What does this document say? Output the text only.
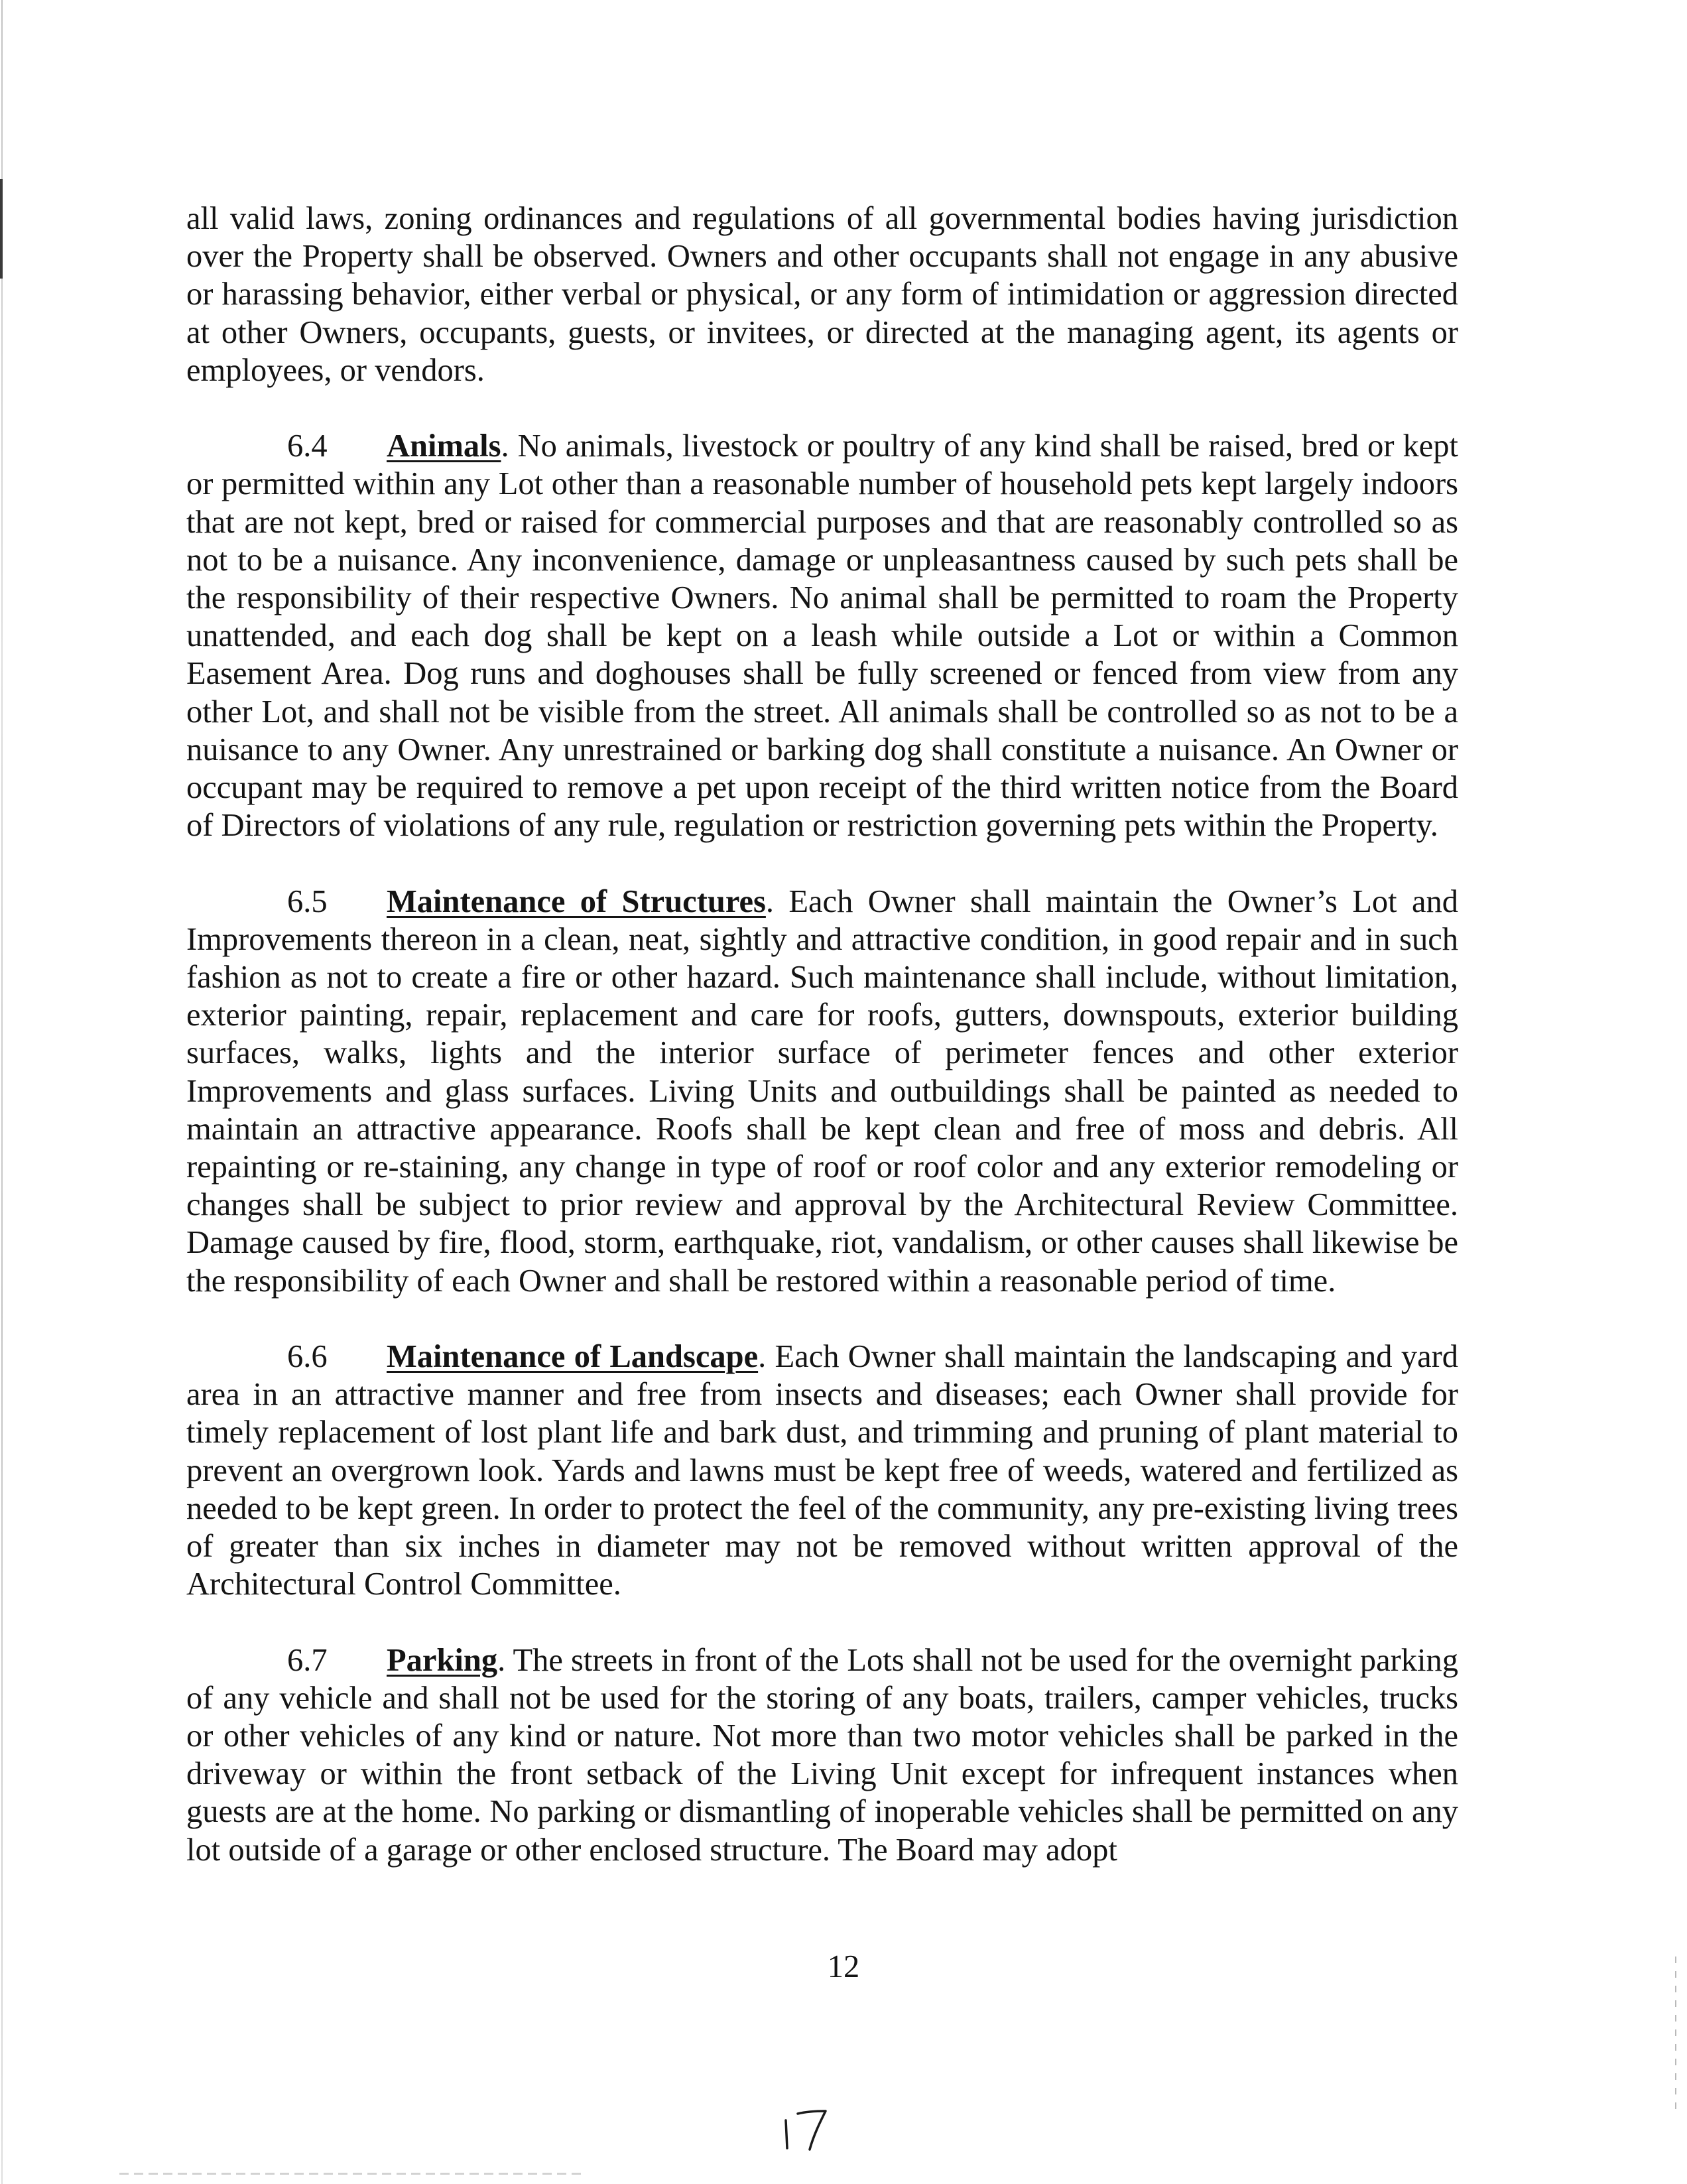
all valid laws, zoning ordinances and regulations of all governmental bodies having jurisdiction over the Property shall be observed. Owners and other occupants shall not engage in any abusive or harassing behavior, either verbal or physical, or any form of intimidation or aggression directed at other Owners, occupants, guests, or invitees, or directed at the managing agent, its agents or employees, or vendors.

6.4 Animals. No animals, livestock or poultry of any kind shall be raised, bred or kept or permitted within any Lot other than a reasonable number of household pets kept largely indoors that are not kept, bred or raised for commercial purposes and that are reasonably controlled so as not to be a nuisance. Any inconvenience, damage or unpleasantness caused by such pets shall be the responsibility of their respective Owners. No animal shall be permitted to roam the Property unattended, and each dog shall be kept on a leash while outside a Lot or within a Common Easement Area. Dog runs and doghouses shall be fully screened or fenced from view from any other Lot, and shall not be visible from the street. All animals shall be controlled so as not to be a nuisance to any Owner. Any unrestrained or barking dog shall constitute a nuisance. An Owner or occupant may be required to remove a pet upon receipt of the third written notice from the Board of Directors of violations of any rule, regulation or restriction governing pets within the Property.

6.5 Maintenance of Structures. Each Owner shall maintain the Owner’s Lot and Improvements thereon in a clean, neat, sightly and attractive condition, in good repair and in such fashion as not to create a fire or other hazard. Such maintenance shall include, without limitation, exterior painting, repair, replacement and care for roofs, gutters, downspouts, exterior building surfaces, walks, lights and the interior surface of perimeter fences and other exterior Improvements and glass surfaces. Living Units and outbuildings shall be painted as needed to maintain an attractive appearance. Roofs shall be kept clean and free of moss and debris. All repainting or re-staining, any change in type of roof or roof color and any exterior remodeling or changes shall be subject to prior review and approval by the Architectural Review Committee. Damage caused by fire, flood, storm, earthquake, riot, vandalism, or other causes shall likewise be the responsibility of each Owner and shall be restored within a reasonable period of time.

6.6 Maintenance of Landscape. Each Owner shall maintain the landscaping and yard area in an attractive manner and free from insects and diseases; each Owner shall provide for timely replacement of lost plant life and bark dust, and trimming and pruning of plant material to prevent an overgrown look. Yards and lawns must be kept free of weeds, watered and fertilized as needed to be kept green. In order to protect the feel of the community, any pre-existing living trees of greater than six inches in diameter may not be removed without written approval of the Architectural Control Committee.

6.7 Parking. The streets in front of the Lots shall not be used for the overnight parking of any vehicle and shall not be used for the storing of any boats, trailers, camper vehicles, trucks or other vehicles of any kind or nature. Not more than two motor vehicles shall be parked in the driveway or within the front setback of the Living Unit except for infrequent instances when guests are at the home. No parking or dismantling of inoperable vehicles shall be permitted on any lot outside of a garage or other enclosed structure. The Board may adopt

12
